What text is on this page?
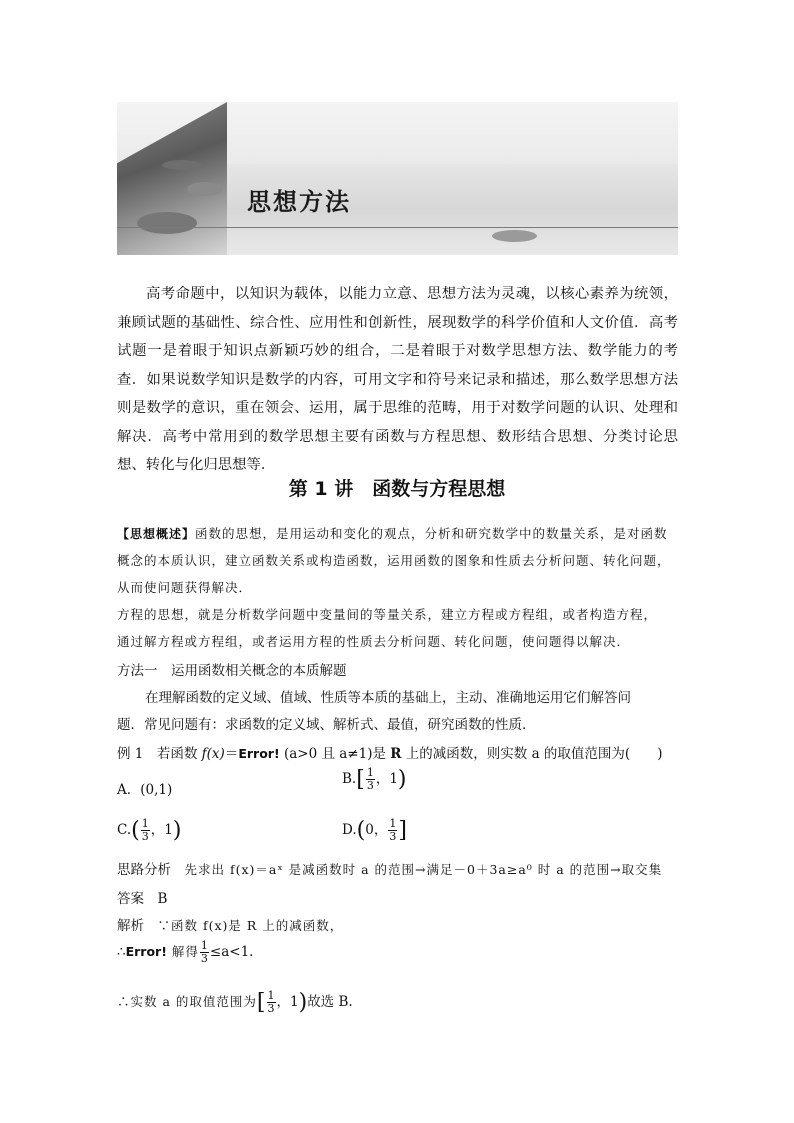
思想方法
高考命题中，以知识为载体，以能力立意、思想方法为灵魂，以核心素养为统领，兼顾试题的基础性、综合性、应用性和创新性，展现数学的科学价值和人文价值．高考试题一是着眼于知识点新颖巧妙的组合，二是着眼于对数学思想方法、数学能力的考查．如果说数学知识是数学的内容，可用文字和符号来记录和描述，那么数学思想方法则是数学的意识，重在领会、运用，属于思维的范畴，用于对数学问题的认识、处理和解决．高考中常用到的数学思想主要有函数与方程思想、数形结合思想、分类讨论思想、转化与化归思想等．
第 1 讲　函数与方程思想
【思想概述】函数的思想，是用运动和变化的观点，分析和研究数学中的数量关系，是对函数
概念的本质认识，建立函数关系或构造函数，运用函数的图象和性质去分析问题、转化问题，
从而使问题获得解决．
方程的思想，就是分析数学问题中变量间的等量关系，建立方程或方程组，或者构造方程，
通过解方程或方程组，或者运用方程的性质去分析问题、转化问题，使问题得以解决．
方法一　运用函数相关概念的本质解题
在理解函数的定义域、值域、性质等本质的基础上，主动、准确地运用它们解答问
题．常见问题有：求函数的定义域、解析式、最值，研究函数的性质．
例 1　若函数 f(x)＝Error! (a>0 且 a≠1)是 R 上的减函数，则实数 a 的取值范围为(　　)
A．(0,1)
$B.[ \frac{1}{3}$ ，1)
$C.( \frac{1}{3}$ ，1)	D.(0， $\frac{1}{3}$ ]
思路分析　 先求出 f(x)＝aˣ 是减函数时 a 的范围→满足－0＋3a≥a⁰ 时 a 的范围→取交集
答案　 B
解析　 ∵函数 f(x)是 R 上的减函数，
∴Error! 解得 $\frac{1}{3} \le a<1$.
∴实数 a 的取值范围为[ $\frac{1}{3}$ ，1)故选 B.
